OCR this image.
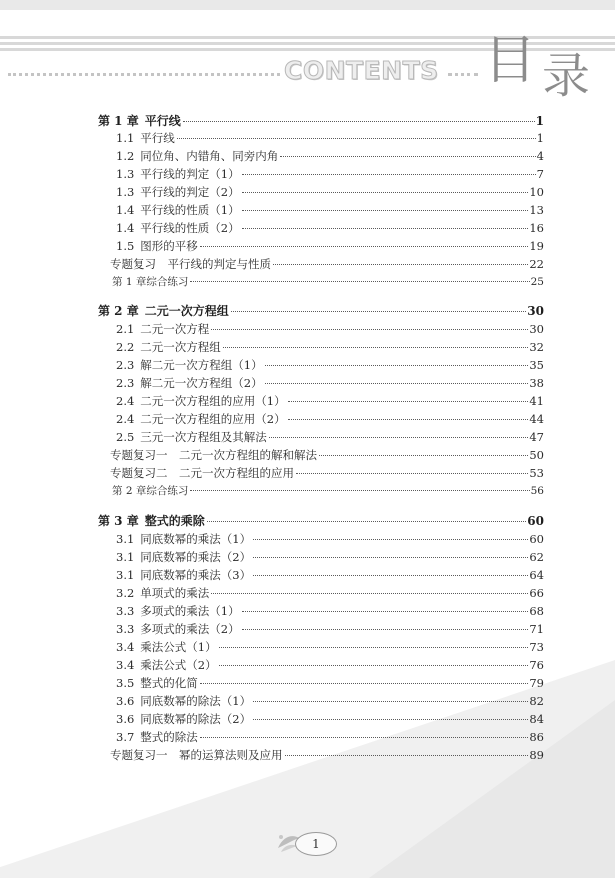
CONTENTS 目录
第 1 章 平行线	1
1.1 平行线	1
1.2 同位角、内错角、同旁内角	4
1.3 平行线的判定（1）	7
1.3 平行线的判定（2）	10
1.4 平行线的性质（1）	13
1.4 平行线的性质（2）	16
1.5 图形的平移	19
专题复习　平行线的判定与性质	22
第 1 章综合练习	25
第 2 章 二元一次方程组	30
2.1 二元一次方程	30
2.2 二元一次方程组	32
2.3 解二元一次方程组（1）	35
2.3 解二元一次方程组（2）	38
2.4 二元一次方程组的应用（1）	41
2.4 二元一次方程组的应用（2）	44
2.5 三元一次方程组及其解法	47
专题复习一　二元一次方程组的解和解法	50
专题复习二　二元一次方程组的应用	53
第 2 章综合练习	56
第 3 章 整式的乘除	60
3.1 同底数幂的乘法（1）	60
3.1 同底数幂的乘法（2）	62
3.1 同底数幂的乘法（3）	64
3.2 单项式的乘法	66
3.3 多项式的乘法（1）	68
3.3 多项式的乘法（2）	71
3.4 乘法公式（1）	73
3.4 乘法公式（2）	76
3.5 整式的化简	79
3.6 同底数幂的除法（1）	82
3.6 同底数幂的除法（2）	84
3.7 整式的除法	86
专题复习一　幂的运算法则及应用	89
1
